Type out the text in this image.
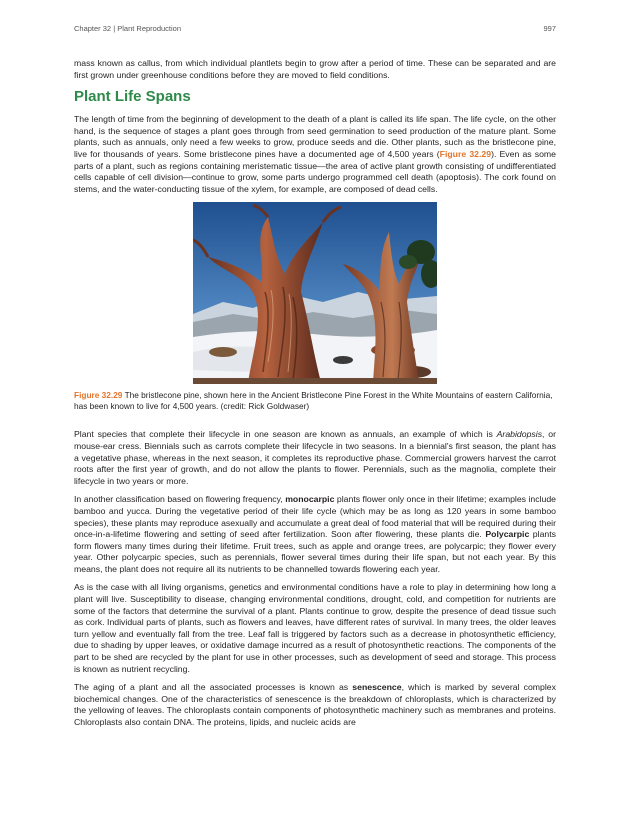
Chapter 32 | Plant Reproduction	997

mass known as callus, from which individual plantlets begin to grow after a period of time. These can be separated and are first grown under greenhouse conditions before they are moved to field conditions.

Plant Life Spans

The length of time from the beginning of development to the death of a plant is called its life span. The life cycle, on the other hand, is the sequence of stages a plant goes through from seed germination to seed production of the mature plant. Some plants, such as annuals, only need a few weeks to grow, produce seeds and die. Other plants, such as the bristlecone pine, live for thousands of years. Some bristlecone pines have a documented age of 4,500 years (Figure 32.29). Even as some parts of a plant, such as regions containing meristematic tissue—the area of active plant growth consisting of undifferentiated cells capable of cell division—continue to grow, some parts undergo programmed cell death (apoptosis). The cork found on stems, and the water-conducting tissue of the xylem, for example, are composed of dead cells.

Figure 32.29 The bristlecone pine, shown here in the Ancient Bristlecone Pine Forest in the White Mountains of eastern California, has been known to live for 4,500 years. (credit: Rick Goldwaser)

Plant species that complete their lifecycle in one season are known as annuals, an example of which is Arabidopsis, or mouse-ear cress. Biennials such as carrots complete their lifecycle in two seasons. In a biennial's first season, the plant has a vegetative phase, whereas in the next season, it completes its reproductive phase. Commercial growers harvest the carrot roots after the first year of growth, and do not allow the plants to flower. Perennials, such as the magnolia, complete their lifecycle in two years or more.

In another classification based on flowering frequency, monocarpic plants flower only once in their lifetime; examples include bamboo and yucca. During the vegetative period of their life cycle (which may be as long as 120 years in some bamboo species), these plants may reproduce asexually and accumulate a great deal of food material that will be required during their once-in-a-lifetime flowering and setting of seed after fertilization. Soon after flowering, these plants die. Polycarpic plants form flowers many times during their lifetime. Fruit trees, such as apple and orange trees, are polycarpic; they flower every year. Other polycarpic species, such as perennials, flower several times during their life span, but not each year. By this means, the plant does not require all its nutrients to be channelled towards flowering each year.

As is the case with all living organisms, genetics and environmental conditions have a role to play in determining how long a plant will live. Susceptibility to disease, changing environmental conditions, drought, cold, and competition for nutrients are some of the factors that determine the survival of a plant. Plants continue to grow, despite the presence of dead tissue such as cork. Individual parts of plants, such as flowers and leaves, have different rates of survival. In many trees, the older leaves turn yellow and eventually fall from the tree. Leaf fall is triggered by factors such as a decrease in photosynthetic efficiency, due to shading by upper leaves, or oxidative damage incurred as a result of photosynthetic reactions. The components of the part to be shed are recycled by the plant for use in other processes, such as development of seed and storage. This process is known as nutrient recycling.

The aging of a plant and all the associated processes is known as senescence, which is marked by several complex biochemical changes. One of the characteristics of senescence is the breakdown of chloroplasts, which is characterized by the yellowing of leaves. The chloroplasts contain components of photosynthetic machinery such as membranes and proteins. Chloroplasts also contain DNA. The proteins, lipids, and nucleic acids are
